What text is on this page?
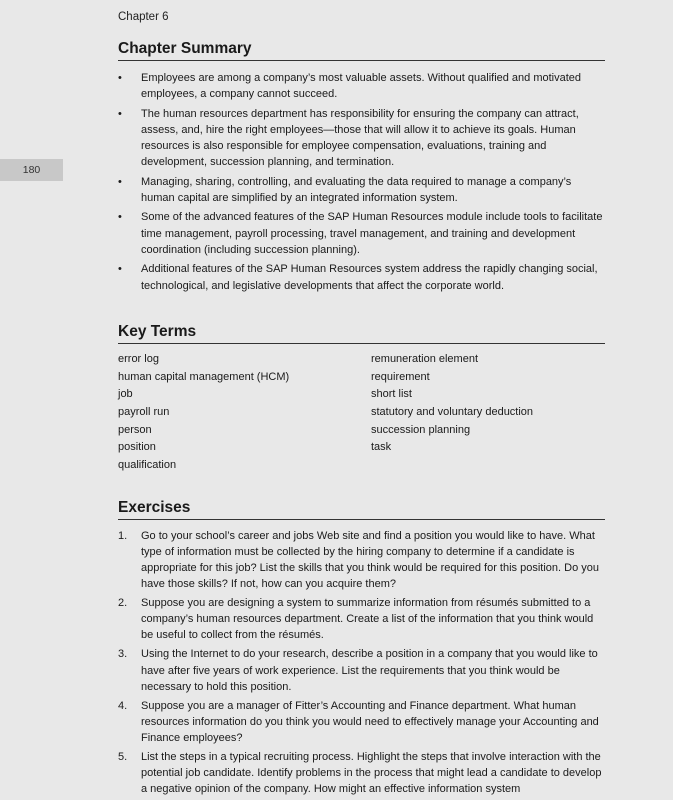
Chapter 6
180
Chapter Summary
• Employees are among a company’s most valuable assets. Without qualified and motivated employees, a company cannot succeed.
• The human resources department has responsibility for ensuring the company can attract, assess, and, hire the right employees—those that will allow it to achieve its goals. Human resources is also responsible for employee compensation, evaluations, training and development, succession planning, and termination.
• Managing, sharing, controlling, and evaluating the data required to manage a company’s human capital are simplified by an integrated information system.
• Some of the advanced features of the SAP Human Resources module include tools to facilitate time management, payroll processing, travel management, and training and development coordination (including succession planning).
• Additional features of the SAP Human Resources system address the rapidly changing social, technological, and legislative developments that affect the corporate world.
Key Terms
error log
human capital management (HCM)
job
payroll run
person
position
qualification
remuneration element
requirement
short list
statutory and voluntary deduction
succession planning
task
Exercises
1. Go to your school’s career and jobs Web site and find a position you would like to have. What type of information must be collected by the hiring company to determine if a candidate is appropriate for this job? List the skills that you think would be required for this position. Do you have those skills? If not, how can you acquire them?
2. Suppose you are designing a system to summarize information from résumés submitted to a company’s human resources department. Create a list of the information that you think would be useful to collect from the résumés.
3. Using the Internet to do your research, describe a position in a company that you would like to have after five years of work experience. List the requirements that you think would be necessary to hold this position.
4. Suppose you are a manager of Fitter’s Accounting and Finance department. What human resources information do you think you would need to effectively manage your Accounting and Finance employees?
5. List the steps in a typical recruiting process. Highlight the steps that involve interaction with the potential job candidate. Identify problems in the process that might lead a candidate to develop a negative opinion of the company. How might an effective information system
